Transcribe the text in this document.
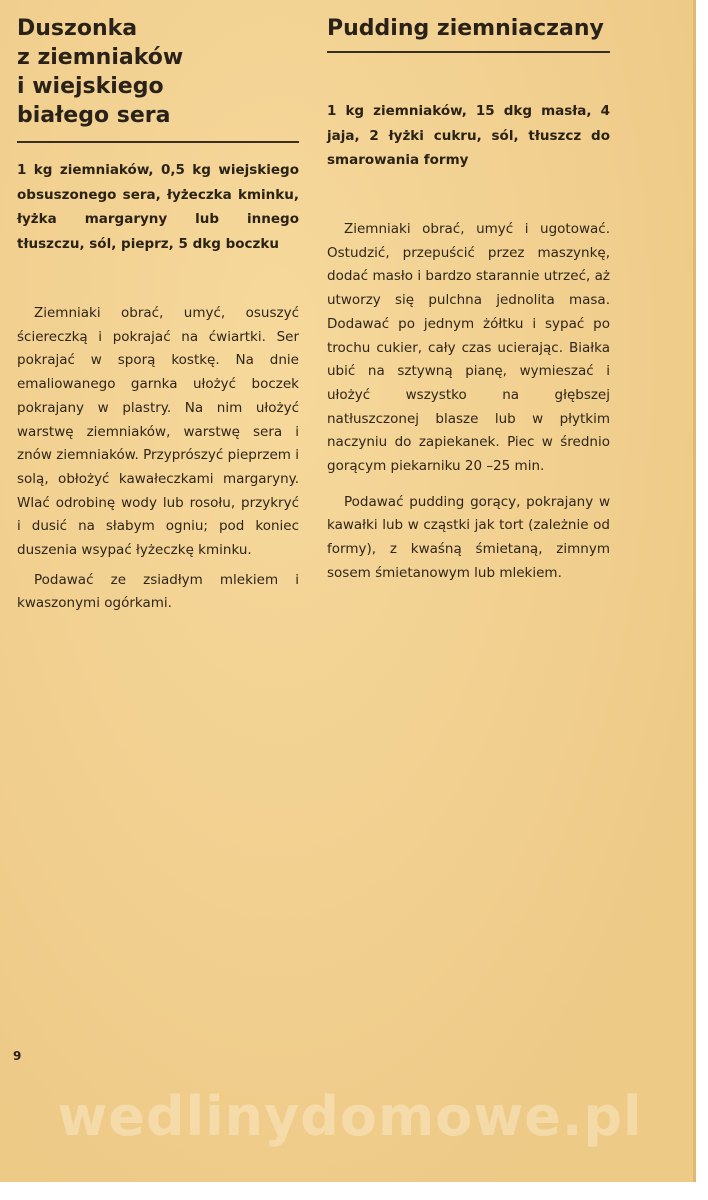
Duszonka
z ziemniaków
i wiejskiego
białego sera

1 kg ziemniaków, 0,5 kg wiejskiego obsuszonego sera, łyżeczka kminku, łyżka margaryny lub innego tłuszczu, sól, pieprz, 5 dkg boczku

Ziemniaki obrać, umyć, osuszyć ściereczką i pokrajać na ćwiartki. Ser pokrajać w sporą kostkę. Na dnie emaliowanego garnka ułożyć boczek pokrajany w plastry. Na nim ułożyć warstwę ziemniaków, warstwę sera i znów ziemniaków. Przyprószyć pieprzem i solą, obłożyć kawałeczkami margaryny. Wlać odrobinę wody lub rosołu, przykryć i dusić na słabym ogniu; pod koniec duszenia wsypać łyżeczkę kminku.

Podawać ze zsiadłym mlekiem i kwaszonymi ogórkami.

Pudding ziemniaczany

1 kg ziemniaków, 15 dkg masła, 4 jaja, 2 łyżki cukru, sól, tłuszcz do smarowania formy

Ziemniaki obrać, umyć i ugotować. Ostudzić, przepuścić przez maszynkę, dodać masło i bardzo starannie utrzeć, aż utworzy się pulchna jednolita masa. Dodawać po jednym żółtku i sypać po trochu cukier, cały czas ucierając. Białka ubić na sztywną pianę, wymieszać i ułożyć wszystko na głębszej natłuszczonej blasze lub w płytkim naczyniu do zapiekanek. Piec w średnio gorącym piekarniku 20 –25 min.

Podawać pudding gorący, pokrajany w kawałki lub w cząstki jak tort (zależnie od formy), z kwaśną śmietaną, zimnym sosem śmietanowym lub mlekiem.

9
wedlinydomowe.pl
